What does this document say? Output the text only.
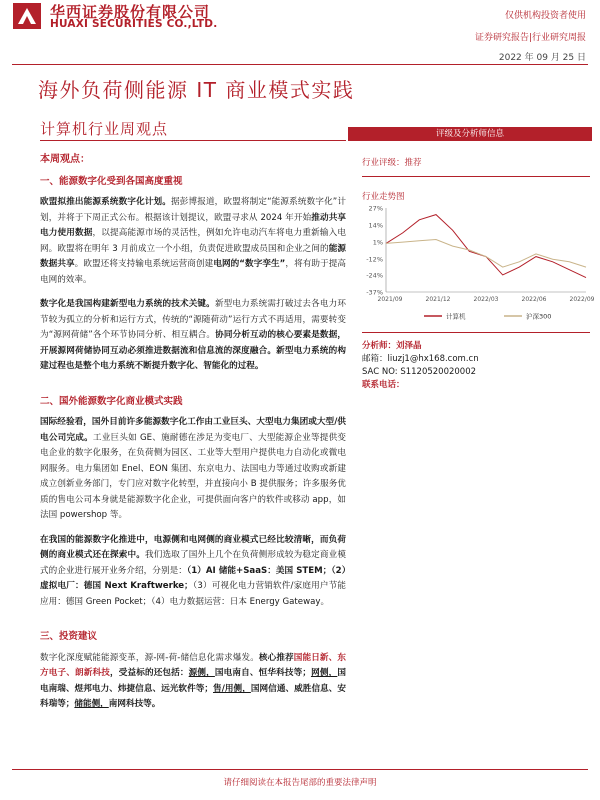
华西证券股份有限公司
HUAXI SECURITIES CO.,LTD.
仅供机构投资者使用
证券研究报告|行业研究周报
2022 年 09 月 25 日
海外负荷侧能源 IT 商业模式实践
计算机行业周观点
本周观点：
一、能源数字化受到各国高度重视

欧盟拟推出能源系统数字化计划。据彭博报道，欧盟将制定“能源系统数字化”计划，并将于下周正式公布。根据该计划提议，欧盟寻求从 2024 年开始推动共享电力使用数据，以提高能源市场的灵活性，例如允许电动汽车将电力重新输入电网。欧盟将在明年 3 月前成立一个小组，负责促进欧盟成员国和企业之间的能源数据共享。欧盟还将支持输电系统运营商创建电网的“数字孪生”，将有助于提高电网的效率。

数字化是我国构建新型电力系统的技术关键。新型电力系统需打破过去各电力环节较为孤立的分析和运行方式，传统的“源随荷动”运行方式不再适用，需要转变为“源网荷储”各个环节协同分析、相互耦合。协同分析互动的核心要素是数据，开展源网荷储协同互动必须推进数据流和信息流的深度融合。新型电力系统的构建过程也是整个电力系统不断提升数字化、智能化的过程。

二、国外能源数字化商业模式实践

国际经验看，国外目前许多能源数字化工作由工业巨头、大型电力集团或大型/供电公司完成。工业巨头如 GE、施耐德在涉足为变电厂、大型能源企业等提供变电企业的数字化服务，在负荷侧为园区、工业等大型用户提供电力自动化或微电网服务。电力集团如 Enel、EON 集团、东京电力、法国电力等通过收购或新建成立创新业务部门，专门应对数字化转型，并直接向小 B 提供服务；许多服务优质的售电公司本身就是能源数字化企业，可提供面向客户的软件或移动 app，如法国 powershop 等。

在我国的能源数字化推进中，电源侧和电网侧的商业模式已经比较清晰，而负荷侧的商业模式还在探索中。我们选取了国外上几个在负荷侧形成较为稳定商业模式的企业进行展开业务介绍，分别是：（1）AI 储能+SaaS：美国 STEM；（2）虚拟电厂：德国 Next Kraftwerke；（3）可视化电力营销软件/家庭用户节能应用：德国 Green Pocket；（4）电力数据运营：日本 Energy Gateway。

三、投资建议

数字化深度赋能能源变革，源-网-荷-储信息化需求爆发。核心推荐国能日新、东方电子、朗新科技，受益标的还包括：源侧，国电南自、恒华科技等；网侧，国电南瑞、煜邦电力、炜捷信息、远光软件等；售/用侧，国网信通、威胜信息、安科瑞等；储能侧，南网科技等。

评级及分析师信息
行业评级：推荐
行业走势图
27%
14%
1%
-12%
-24%
-37%
2021/09	2021/12	2022/03	2022/06	2022/09
计算机	沪深300
分析师：刘泽晶
邮箱：liuzj1@hx168.com.cn
SAC NO: S1120520020002
联系电话：
请仔细阅读在本报告尾部的重要法律声明
